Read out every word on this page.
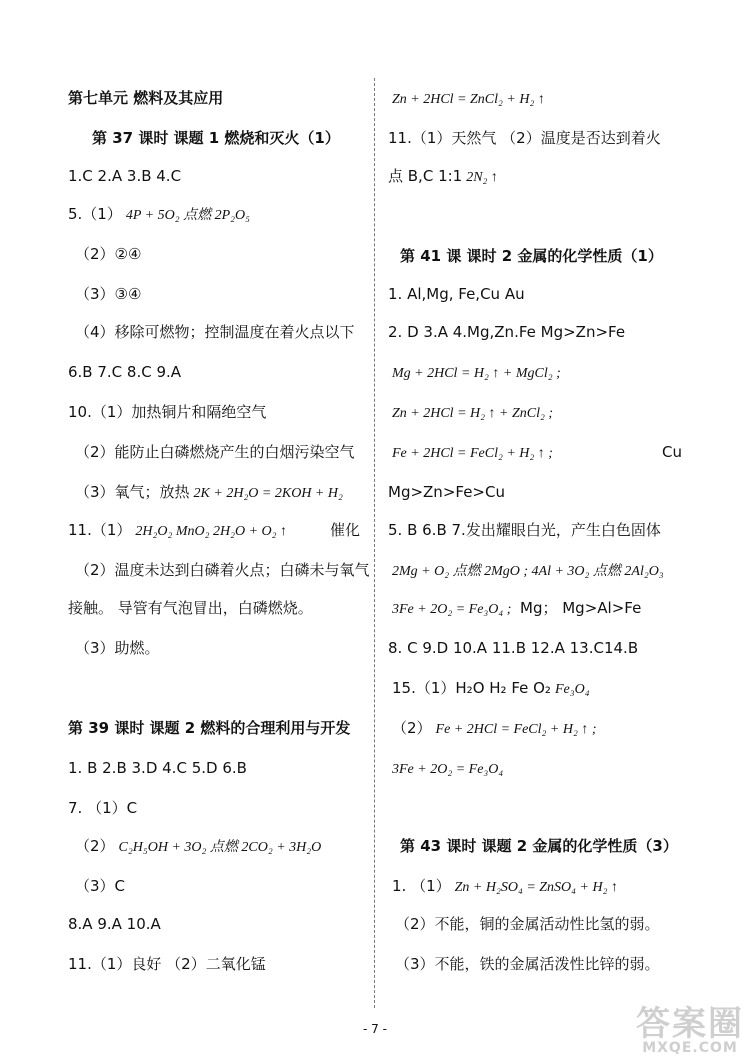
第七单元 燃料及其应用
第 37 课时 课题 1 燃烧和灭火（1）
1.C 2.A 3.B 4.C
5.（1） 4P + 5O₂ 点燃 2P₂O₅
（2）②④
（3）③④
（4）移除可燃物；控制温度在着火点以下
6.B 7.C 8.C 9.A
10.（1）加热铜片和隔绝空气
（2）能防止白磷燃烧产生的白烟污染空气
（3）氧气；放热 2K + 2H₂O = 2KOH + H₂
11.（1） 2H₂O₂ MnO₂ 2H₂O + O₂ ↑	催化
（2）温度未达到白磷着火点；白磷未与氧气
接触。 导管有气泡冒出，白磷燃烧。
（3）助燃。
第 39 课时 课题 2 燃料的合理利用与开发
1. B 2.B 3.D 4.C 5.D 6.B
7. （1）C
（2） C₂H₅OH + 3O₂ 点燃 2CO₂ + 3H₂O
（3）C
8.A 9.A 10.A
11.（1）良好 （2）二氧化锰
Zn + 2HCl = ZnCl₂ + H₂ ↑
11.（1）天然气 （2）温度是否达到着火
点 B,C 1:1 2N₂ ↑
第 41 课 课时 2 金属的化学性质（1）
1. Al,Mg, Fe,Cu Au
2. D 3.A 4.Mg,Zn.Fe Mg>Zn>Fe
Mg + 2HCl = H₂ ↑ + MgCl₂ ;
Zn + 2HCl = H₂ ↑ + ZnCl₂ ;
Fe + 2HCl = FeCl₂ + H₂ ↑ ;	Cu
Mg>Zn>Fe>Cu
5. B 6.B 7.发出耀眼白光，产生白色固体
2Mg + O₂ 点燃 2MgO ; 4Al + 3O₂ 点燃 2Al₂O₃
3Fe + 2O₂ = Fe₃O₄ ; Mg； Mg>Al>Fe
8. C 9.D 10.A 11.B 12.A 13.C14.B
15.（1）H₂O H₂ Fe O₂ Fe₃O₄
（2） Fe + 2HCl = FeCl₂ + H₂ ↑ ;
3Fe + 2O₂ = Fe₃O₄
第 43 课时 课题 2 金属的化学性质（3）
1. （1） Zn + H₂SO₄ = ZnSO₄ + H₂ ↑
（2）不能，铜的金属活动性比氢的弱。
（3）不能，铁的金属活泼性比锌的弱。
- 7 -	答案圈
MXQE.COM
